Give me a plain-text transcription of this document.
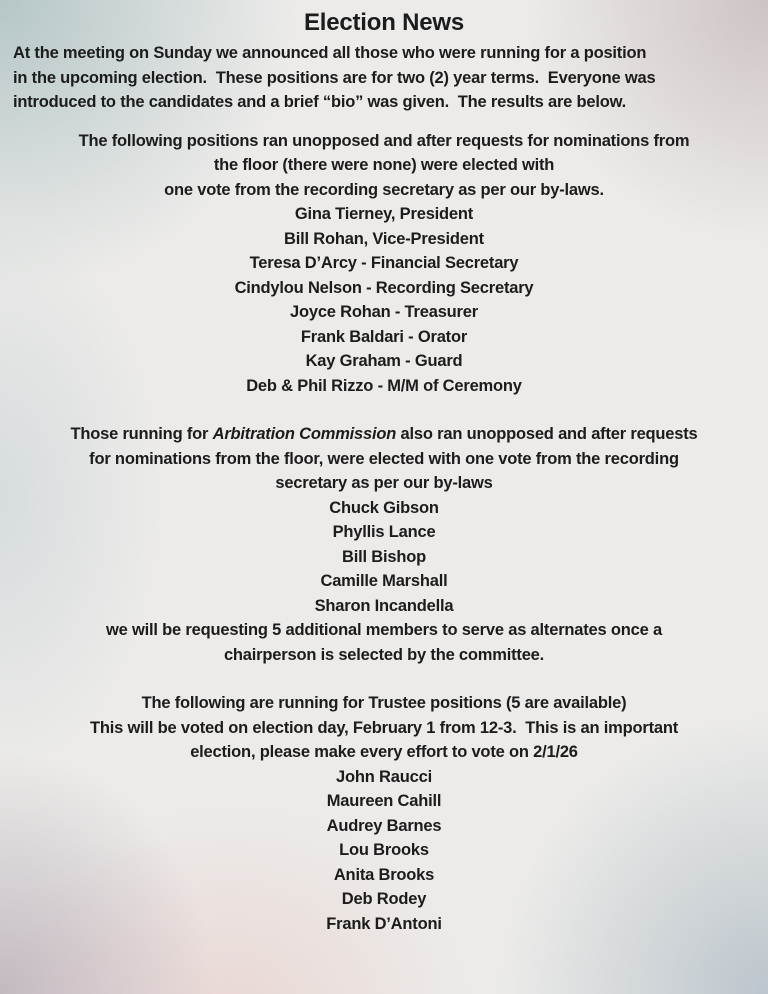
Election News
At the meeting on Sunday we announced all those who were running for a position
in the upcoming election.  These positions are for two (2) year terms.  Everyone was
introduced to the candidates and a brief “bio” was given.  The results are below.
The following positions ran unopposed and after requests for nominations from
the floor (there were none) were elected with
one vote from the recording secretary as per our by-laws.
Gina Tierney, President
Bill Rohan, Vice-President
Teresa D’Arcy - Financial Secretary
Cindylou Nelson - Recording Secretary
Joyce Rohan - Treasurer
Frank Baldari - Orator
Kay Graham - Guard
Deb & Phil Rizzo - M/M of Ceremony
Those running for Arbitration Commission also ran unopposed and after requests
for nominations from the floor, were elected with one vote from the recording
secretary as per our by-laws
Chuck Gibson
Phyllis Lance
Bill Bishop
Camille Marshall
Sharon Incandella
we will be requesting 5 additional members to serve as alternates once a
chairperson is selected by the committee.
The following are running for Trustee positions (5 are available)
This will be voted on election day, February 1 from 12-3.  This is an important
election, please make every effort to vote on 2/1/26
John Raucci
Maureen Cahill
Audrey Barnes
Lou Brooks
Anita Brooks
Deb Rodey
Frank D’Antoni
